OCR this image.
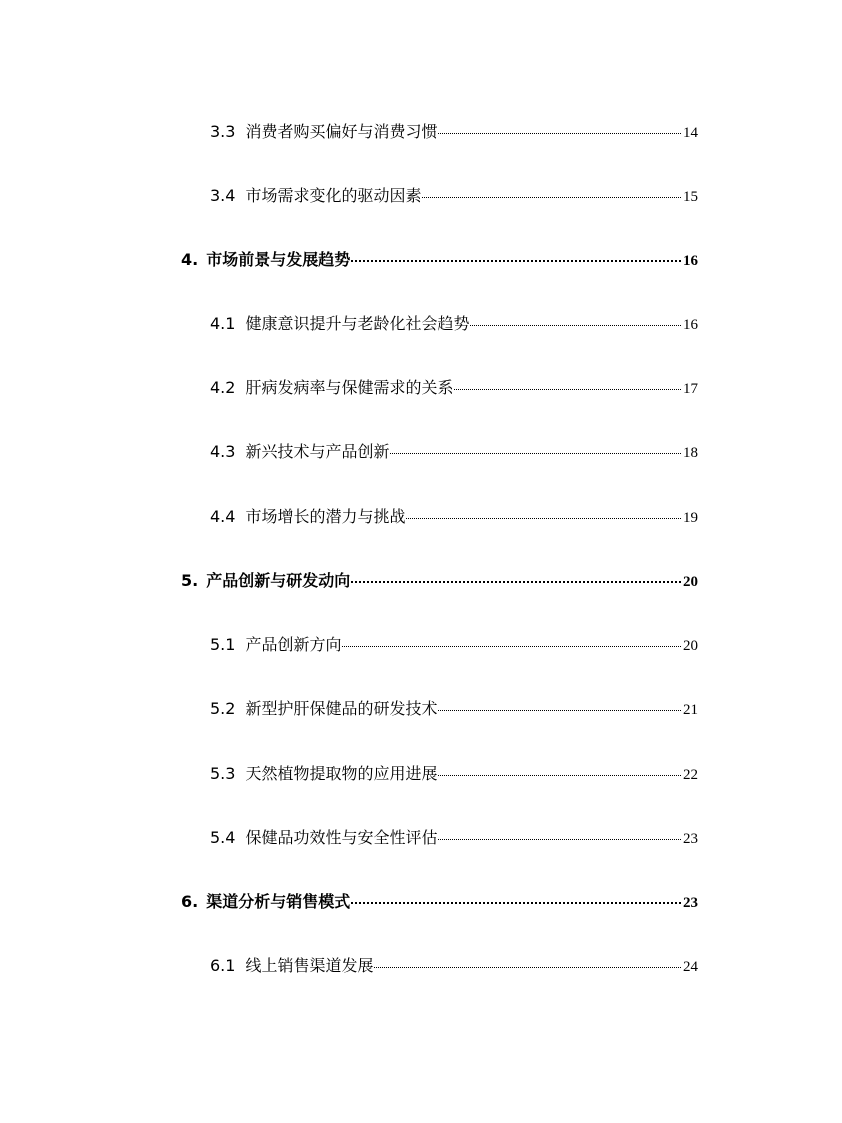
3.3 消费者购买偏好与消费习惯	14
3.4 市场需求变化的驱动因素	15
4. 市场前景与发展趋势	16
4.1 健康意识提升与老龄化社会趋势	16
4.2 肝病发病率与保健需求的关系	17
4.3 新兴技术与产品创新	18
4.4 市场增长的潜力与挑战	19
5. 产品创新与研发动向	20
5.1 产品创新方向	20
5.2 新型护肝保健品的研发技术	21
5.3 天然植物提取物的应用进展	22
5.4 保健品功效性与安全性评估	23
6. 渠道分析与销售模式	23
6.1 线上销售渠道发展	24
